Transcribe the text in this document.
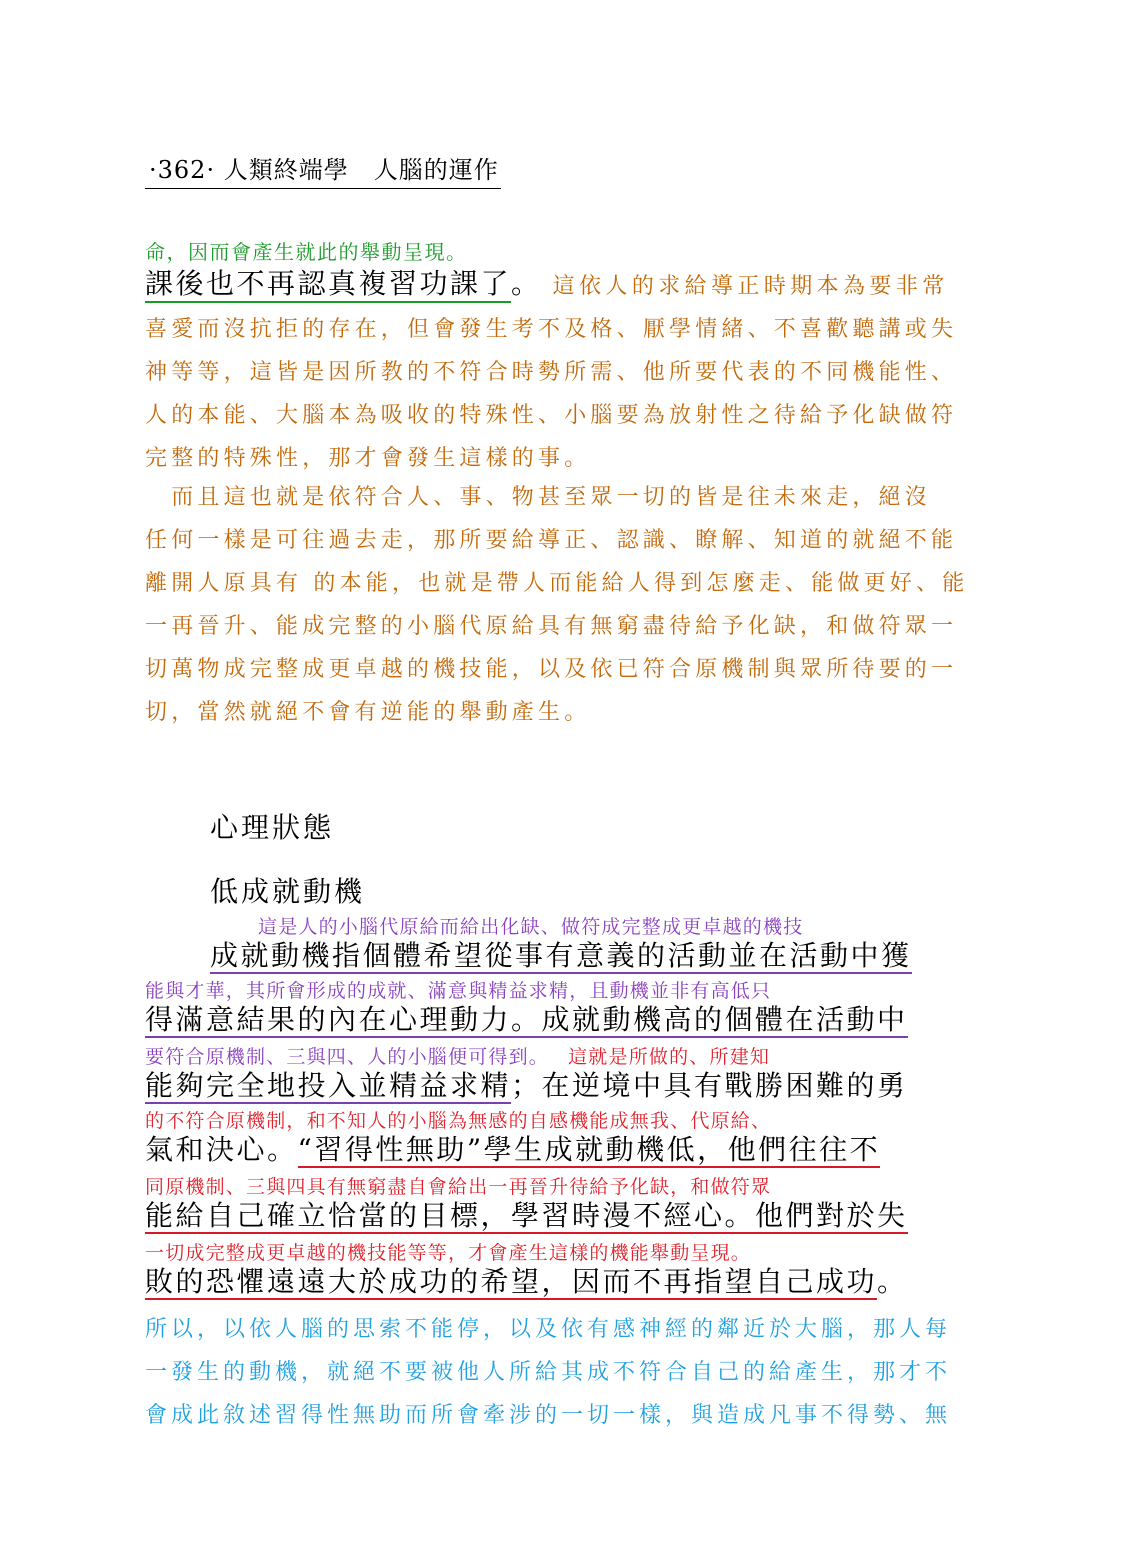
·362· 人類終端學　人腦的運作
命，因而會產生就此的舉動呈現。
課後也不再認真複習功課了。 這依人的求給導正時期本為要非常
喜愛而沒抗拒的存在，但會發生考不及格、厭學情緒、不喜歡聽講或失
神等等，這皆是因所教的不符合時勢所需、他所要代表的不同機能性、
人的本能、大腦本為吸收的特殊性、小腦要為放射性之待給予化缺做符
完整的特殊性，那才會發生這樣的事。
　而且這也就是依符合人、事、物甚至眾一切的皆是往未來走，絕沒
任何一樣是可往過去走，那所要給導正、認識、瞭解、知道的就絕不能
離開人原具有 的本能，也就是帶人而能給人得到怎麼走、能做更好、能
一再晉升、能成完整的小腦代原給具有無窮盡待給予化缺，和做符眾一
切萬物成完整成更卓越的機技能，以及依已符合原機制與眾所待要的一
切，當然就絕不會有逆能的舉動產生。
心理狀態
低成就動機
這是人的小腦代原給而給出化缺、做符成完整成更卓越的機技
成就動機指個體希望從事有意義的活動並在活動中獲
能與才華，其所會形成的成就、滿意與精益求精，且動機並非有高低只
得滿意結果的內在心理動力。成就動機高的個體在活動中
要符合原機制、三與四、人的小腦便可得到。 這就是所做的、所建知
能夠完全地投入並精益求精；在逆境中具有戰勝困難的勇
的不符合原機制，和不知人的小腦為無感的自感機能成無我、代原給、
氣和決心。“習得性無助”學生成就動機低，他們往往不
同原機制、三與四具有無窮盡自會給出一再晉升待給予化缺，和做符眾
能給自己確立恰當的目標，學習時漫不經心。他們對於失
一切成完整成更卓越的機技能等等，才會產生這樣的機能舉動呈現。
敗的恐懼遠遠大於成功的希望，因而不再指望自己成功。
所以，以依人腦的思索不能停，以及依有感神經的鄰近於大腦，那人每
一發生的動機，就絕不要被他人所給其成不符合自己的給產生，那才不
會成此敘述習得性無助而所會牽涉的一切一樣，與造成凡事不得勢、無
